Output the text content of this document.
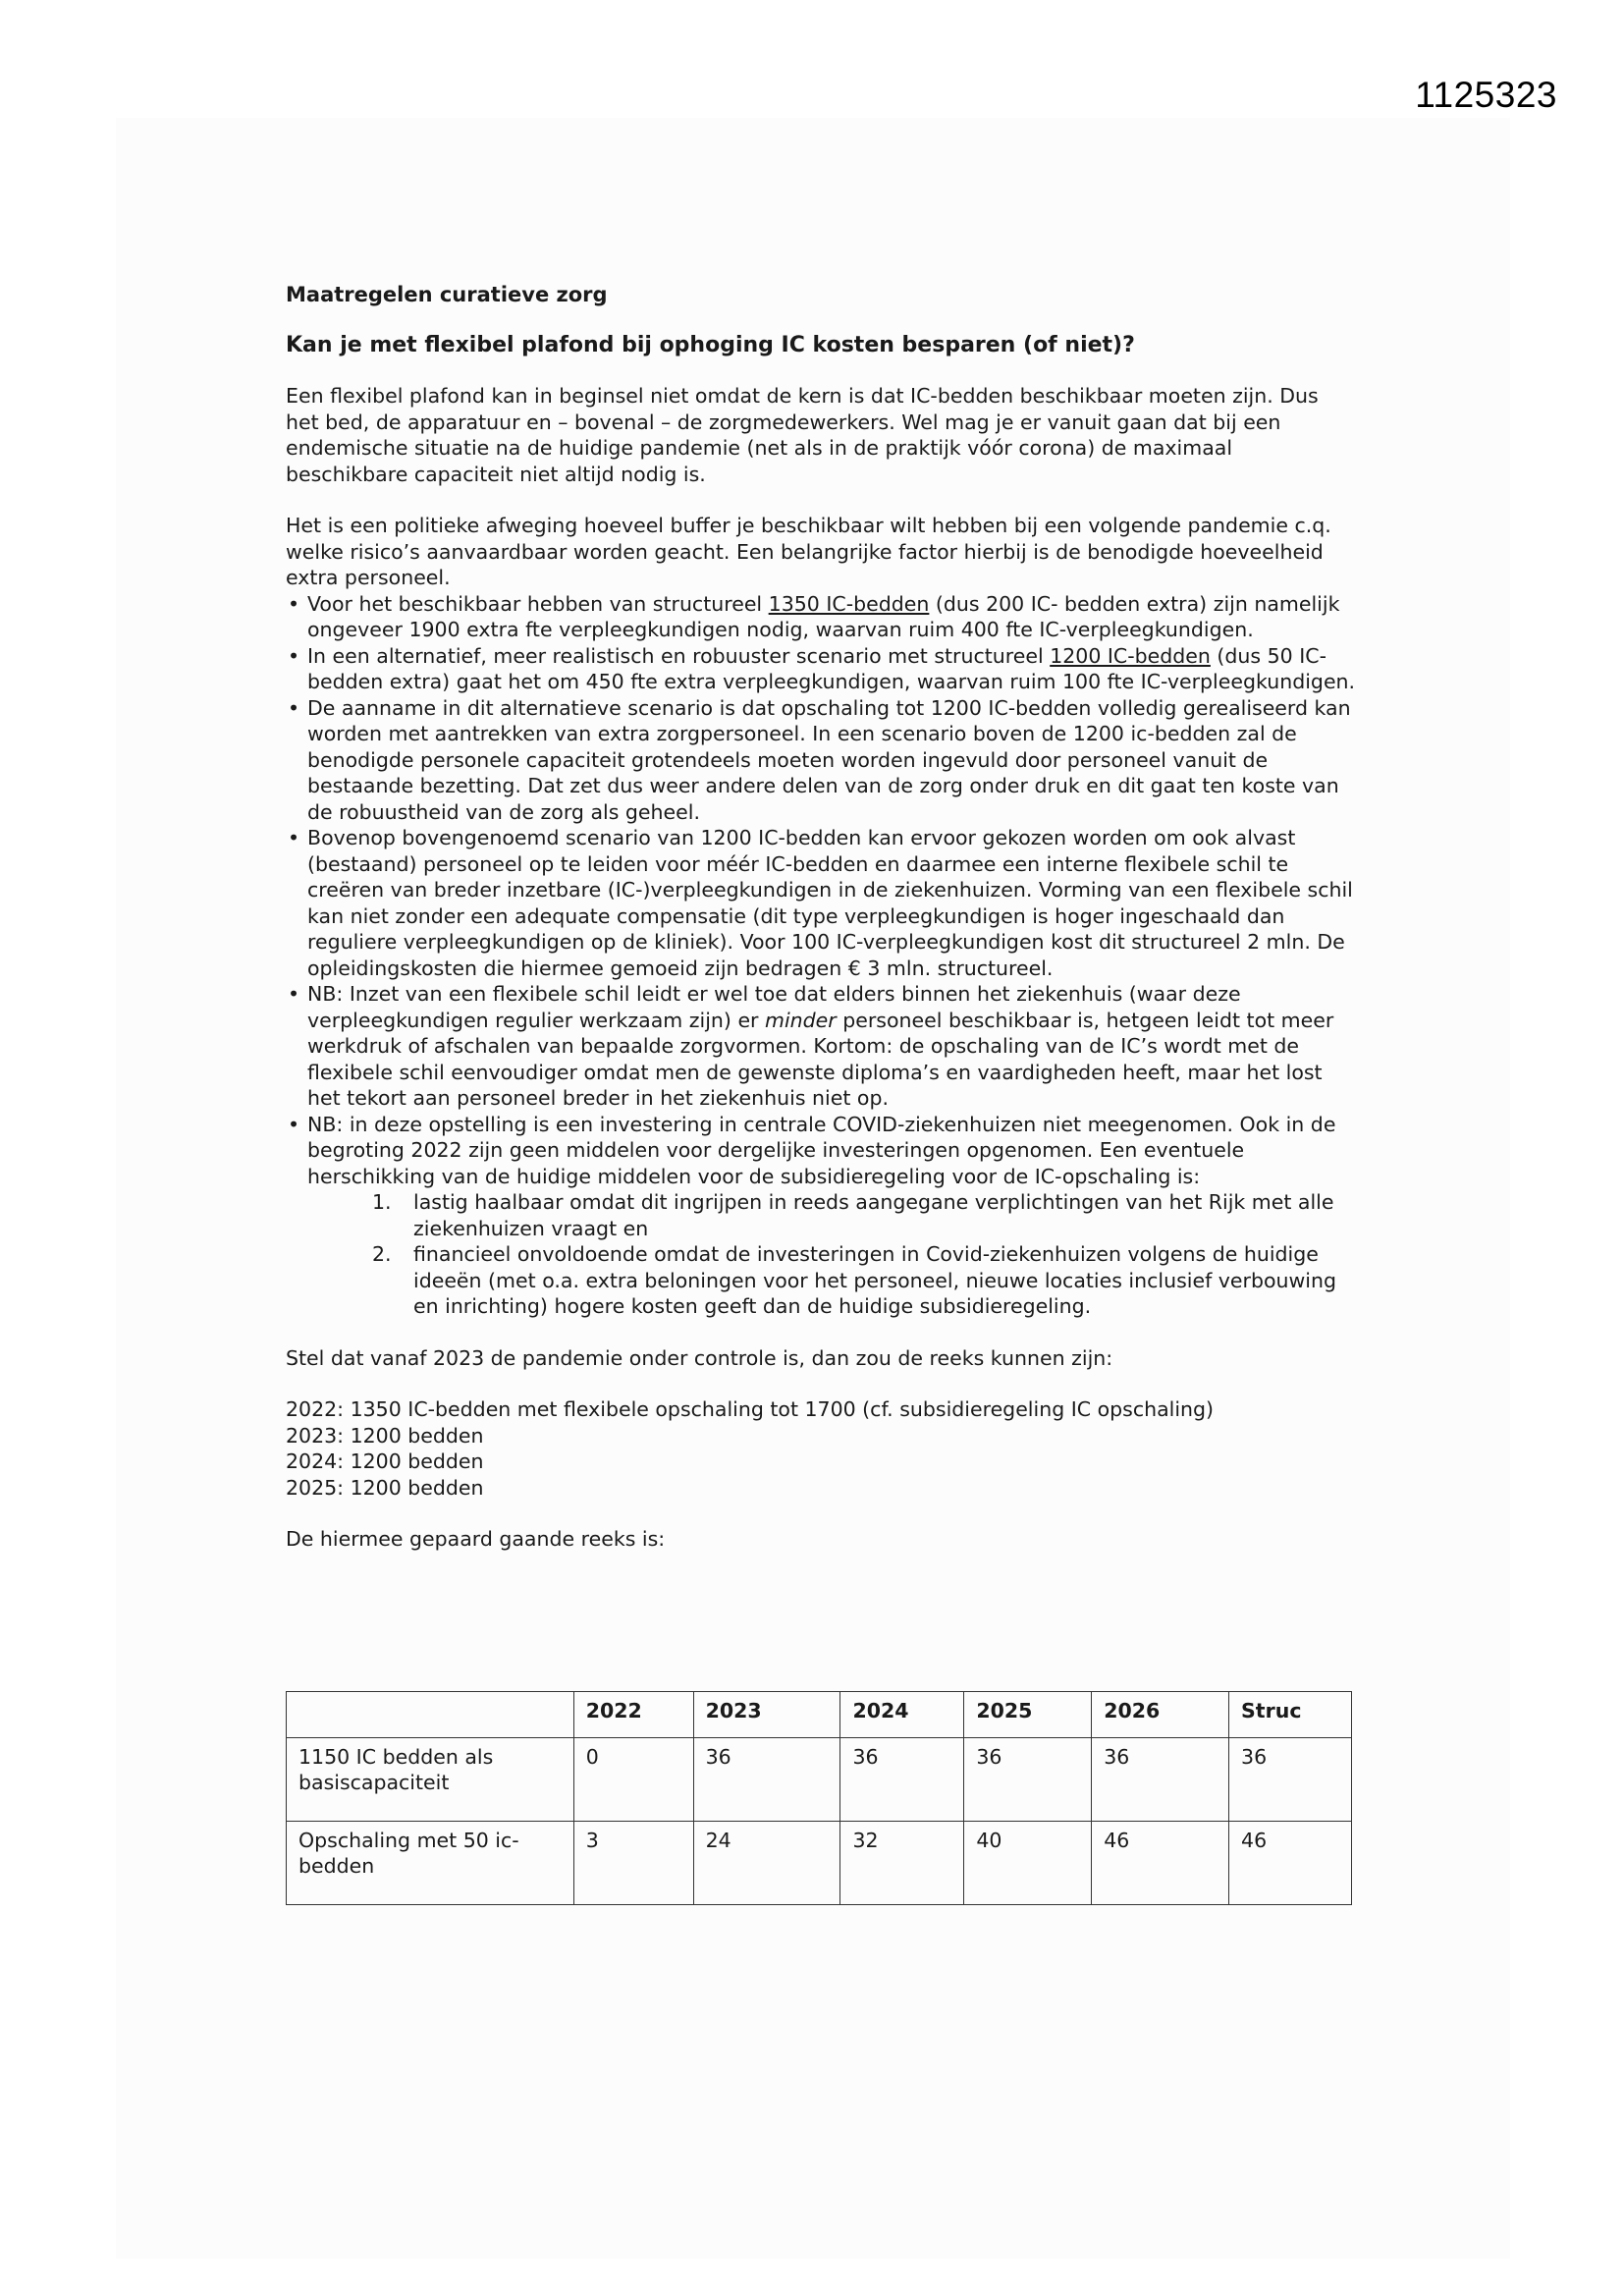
1125323
Maatregelen curatieve zorg
Kan je met flexibel plafond bij ophoging IC kosten besparen (of niet)?

Een flexibel plafond kan in beginsel niet omdat de kern is dat IC-bedden beschikbaar moeten zijn. Dus het bed, de apparatuur en – bovenal – de zorgmedewerkers. Wel mag je er vanuit gaan dat bij een endemische situatie na de huidige pandemie (net als in de praktijk vóór corona) de maximaal beschikbare capaciteit niet altijd nodig is.

Het is een politieke afweging hoeveel buffer je beschikbaar wilt hebben bij een volgende pandemie c.q. welke risico’s aanvaardbaar worden geacht. Een belangrijke factor hierbij is de benodigde hoeveelheid extra personeel.

• Voor het beschikbaar hebben van structureel 1350 IC-bedden (dus 200 IC- bedden extra) zijn namelijk ongeveer 1900 extra fte verpleegkundigen nodig, waarvan ruim 400 fte IC-verpleegkundigen.
• In een alternatief, meer realistisch en robuuster scenario met structureel 1200 IC-bedden (dus 50 IC-bedden extra) gaat het om 450 fte extra verpleegkundigen, waarvan ruim 100 fte IC-verpleegkundigen.
• De aanname in dit alternatieve scenario is dat opschaling tot 1200 IC-bedden volledig gerealiseerd kan worden met aantrekken van extra zorgpersoneel. In een scenario boven de 1200 ic-bedden zal de benodigde personele capaciteit grotendeels moeten worden ingevuld door personeel vanuit de bestaande bezetting. Dat zet dus weer andere delen van de zorg onder druk en dit gaat ten koste van de robuustheid van de zorg als geheel.
• Bovenop bovengenoemd scenario van 1200 IC-bedden kan ervoor gekozen worden om ook alvast (bestaand) personeel op te leiden voor méér IC-bedden en daarmee een interne flexibele schil te creëren van breder inzetbare (IC-)verpleegkundigen in de ziekenhuizen. Vorming van een flexibele schil kan niet zonder een adequate compensatie (dit type verpleegkundigen is hoger ingeschaald dan reguliere verpleegkundigen op de kliniek). Voor 100 IC-verpleegkundigen kost dit structureel 2 mln. De opleidingskosten die hiermee gemoeid zijn bedragen € 3 mln. structureel.
• NB: Inzet van een flexibele schil leidt er wel toe dat elders binnen het ziekenhuis (waar deze verpleegkundigen regulier werkzaam zijn) er minder personeel beschikbaar is, hetgeen leidt tot meer werkdruk of afschalen van bepaalde zorgvormen. Kortom: de opschaling van de IC’s wordt met de flexibele schil eenvoudiger omdat men de gewenste diploma’s en vaardigheden heeft, maar het lost het tekort aan personeel breder in het ziekenhuis niet op.
• NB: in deze opstelling is een investering in centrale COVID-ziekenhuizen niet meegenomen. Ook in de begroting 2022 zijn geen middelen voor dergelijke investeringen opgenomen. Een eventuele herschikking van de huidige middelen voor de subsidieregeling voor de IC-opschaling is:
1. lastig haalbaar omdat dit ingrijpen in reeds aangegane verplichtingen van het Rijk met alle ziekenhuizen vraagt en
2. financieel onvoldoende omdat de investeringen in Covid-ziekenhuizen volgens de huidige ideeën (met o.a. extra beloningen voor het personeel, nieuwe locaties inclusief verbouwing en inrichting) hogere kosten geeft dan de huidige subsidieregeling.

Stel dat vanaf 2023 de pandemie onder controle is, dan zou de reeks kunnen zijn:

2022: 1350 IC-bedden met flexibele opschaling tot 1700 (cf. subsidieregeling IC opschaling)
2023: 1200 bedden
2024: 1200 bedden
2025: 1200 bedden

De hiermee gepaard gaande reeks is:

	2022	2023	2024	2025	2026	Struc
1150 IC bedden als basiscapaciteit	0	36	36	36	36	36
Opschaling met 50 ic-bedden	3	24	32	40	46	46
